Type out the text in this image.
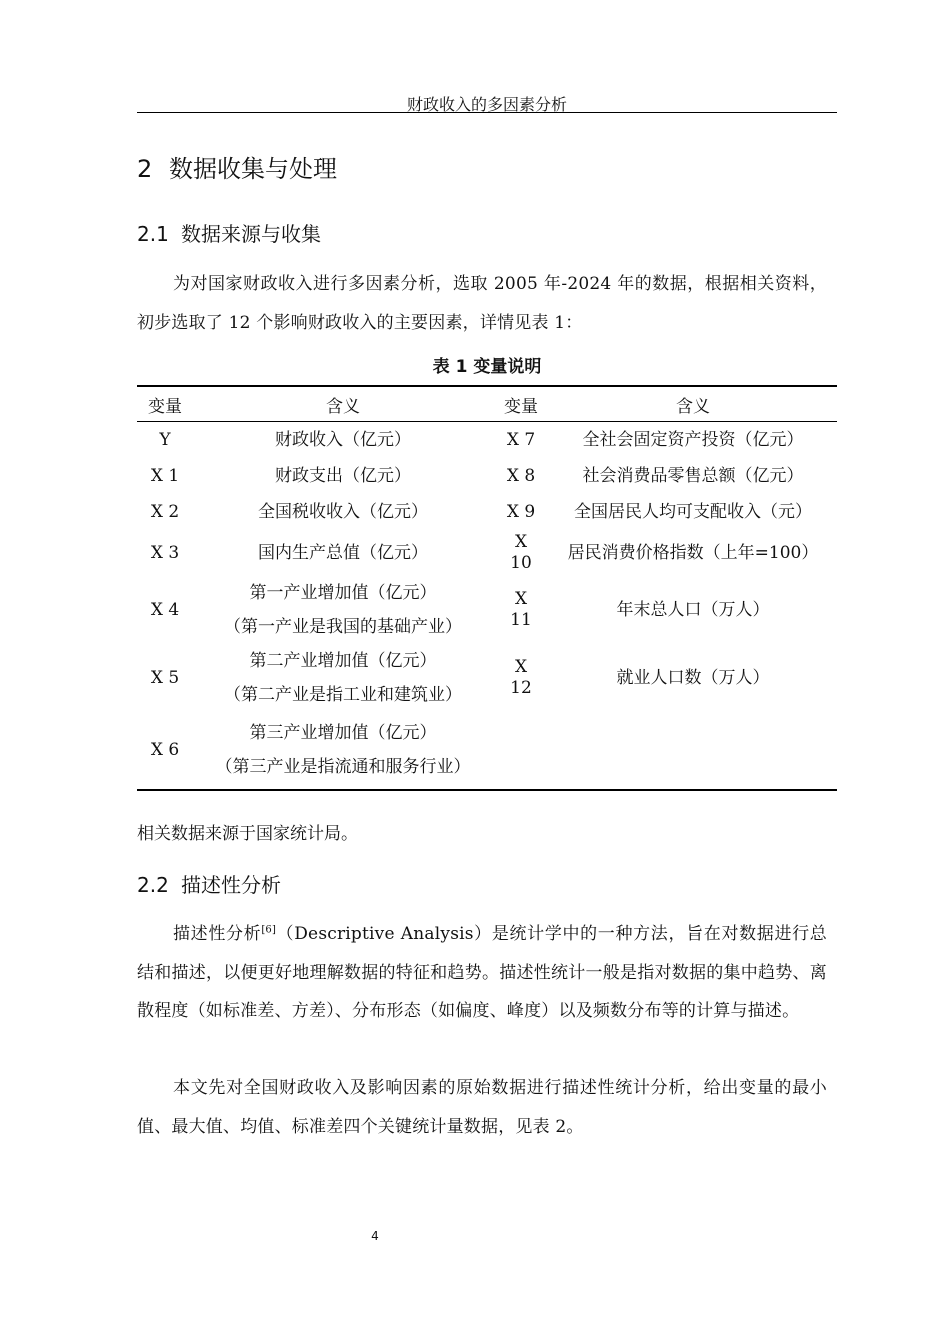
财政收入的多因素分析
2 数据收集与处理
2.1 数据来源与收集

为对国家财政收入进行多因素分析，选取 2005 年-2024 年的数据，根据相关资料，初步选取了 12 个影响财政收入的主要因素，详情见表 1：

表 1 变量说明
变量	含义	变量	含义
Y	财政收入（亿元）	X 7	全社会固定资产投资（亿元）

X 1	财政支出（亿元）	X 8	社会消费品零售总额（亿元）

X 2	全国税收收入（亿元）	X 9	全国居民人均可支配收入（元）

X 3	国内生产总值（亿元）	X 10	居民消费价格指数（上年=100）

X 4	第一产业增加值（亿元）
（第一产业是我国的基础产业）	X 11	年末总人口（万人）

X 5	第二产业增加值（亿元）
（第二产业是指工业和建筑业）	X 12	就业人口数（万人）

X 6	第三产业增加值（亿元）
（第三产业是指流通和服务行业）		

相关数据来源于国家统计局。
2.2 描述性分析

描述性分析[6]（Descriptive Analysis）是统计学中的一种方法，旨在对数据进行总结和描述，以便更好地理解数据的特征和趋势。描述性统计一般是指对数据的集中趋势、离散程度（如标准差、方差）、分布形态（如偏度、峰度）以及频数分布等的计算与描述。

本文先对全国财政收入及影响因素的原始数据进行描述性统计分析，给出变量的最小值、最大值、均值、标准差四个关键统计量数据，见表 2。

4
